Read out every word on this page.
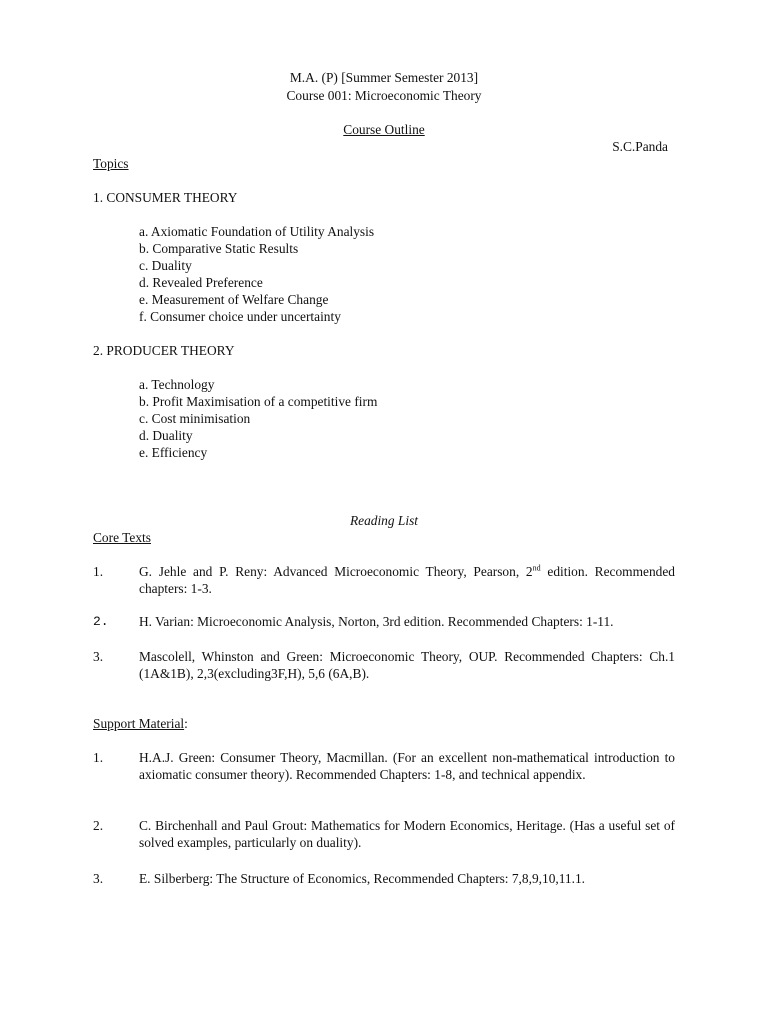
M.A. (P) [Summer Semester 2013]
Course 001: Microeconomic Theory
Course Outline
S.C.Panda
Topics
1. CONSUMER THEORY
a. Axiomatic Foundation of Utility Analysis
b. Comparative Static Results
c. Duality
d. Revealed Preference
e. Measurement of Welfare Change
f. Consumer choice under uncertainty
2. PRODUCER THEORY
a. Technology
b. Profit Maximisation of a competitive firm
c. Cost minimisation
d. Duality
e. Efficiency
Reading List
Core Texts
1.	G. Jehle and P. Reny: Advanced Microeconomic Theory, Pearson, 2nd edition. Recommended chapters: 1-3.
2. H. Varian: Microeconomic Analysis, Norton, 3rd edition. Recommended Chapters: 1-11.
3.	Mascolell, Whinston and Green: Microeconomic Theory, OUP. Recommended Chapters: Ch.1 (1A&1B), 2,3(excluding3F,H), 5,6 (6A,B).
Support Material:
1.	H.A.J. Green: Consumer Theory, Macmillan. (For an excellent non-mathematical introduction to axiomatic consumer theory). Recommended Chapters: 1-8, and technical appendix.
2.	C. Birchenhall and Paul Grout: Mathematics for Modern Economics, Heritage. (Has a useful set of solved examples, particularly on duality).
3.	E. Silberberg: The Structure of Economics, Recommended Chapters: 7,8,9,10,11.1.
